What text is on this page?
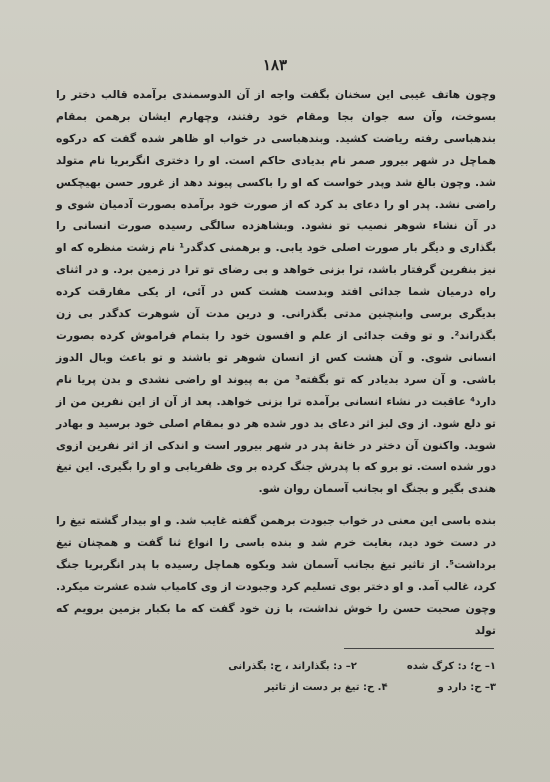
۱۸۳

وچون هاتف غیبی این سخنان بگفت واجه از آن الدوسمندی برآمده قالب دختر را بسوخت، وآن سه جوان بجا ومقام خود رفتند، وچهارم ایشان برهمن بمقام بندهباسی رفته ریاضت کشید. وبندهباسی در خواب او ظاهر شده گفت که درکوه هماچل در شهر بیرور صمر نام بدیادی حاکم است. او را دختری انگربریا نام متولد شد. وچون بالغ شد وپدر خواست که او را باکسی پیوند دهد از غرور حسن بهیچکس راضی نشد. پدر او را دعای بد کرد که از صورت خود برآمده بصورت آدمیان شوی و در آن نشاء شوهر نصیب تو نشود. وبشاهزده سالگی رسیده صورت انسانی را بگذاری و دیگر بار صورت اصلی خود یابی. و برهمنی کدگدر¹ نام زشت منظره که او نیز بنفرین گرفتار باشد، ترا بزنی خواهد و بی رضای تو ترا در زمین برد. و در اثنای راه درمیان شما جدائی افتد وبدست هشت کس در آئی، از یکی مفارقت کرده بدیگری برسی وابنچنین مدتی بگذرانی. و درین مدت آن شوهرت کدگدر بی زن بگذراند². و تو وقت جدائی از علم و افسون خود را بتمام فراموش کرده بصورت انسانی شوی. و آن هشت کس از انسان شوهر تو باشند و تو باعث وبال الدوز باشی. و آن سرد بدیادر که تو بگفته³ من به پیوند او راضی نشدی و بدن پریا نام دارد⁴ عاقبت در نشاء انسانی برآمده ترا بزنی خواهد. پعد از آن از این نفرین من از تو دلع شود. از وی لبز اثر دعای بد دور شده هر دو بمقام اصلی خود برسید و بهادر شوید. واکنون آن دختر در خانهٔ پدر در شهر بیرور است و اندکی از اثر نفرین ازوی دور شده است. تو برو که با پدرش جنگ کرده بر وی ظفریابی و او را بگیری. این تیغ هندی بگیر و بجنگ او بجانب آسمان روان شو.

بنده باسی این معنی در خواب جبودت برهمن گفته غایب شد. و او بیدار گشته تیغ را در دست خود دید، بغایت خرم شد و بنده باسی را انواع ثنا گفت و همچنان تیغ برداشت⁵. از تاثیر تیغ بجانب آسمان شد وبکوه هماچل رسیده با پدر انگربریا جنگ کرد، غالب آمد. و او دختر بوی تسلیم کرد وجبودت از وی کامیاب شده عشرت میکرد. وچون صحبت حسن را خوش نداشت، با زن خود گفت که ما بکبار بزمین برویم که تولد

۱– ح؛ د: کرگ شده
۲– د: بگذاراند ، ح: بگذرانی
۳– ح: دارد و
۴. ح: تیغ بر دست از تاثیر
